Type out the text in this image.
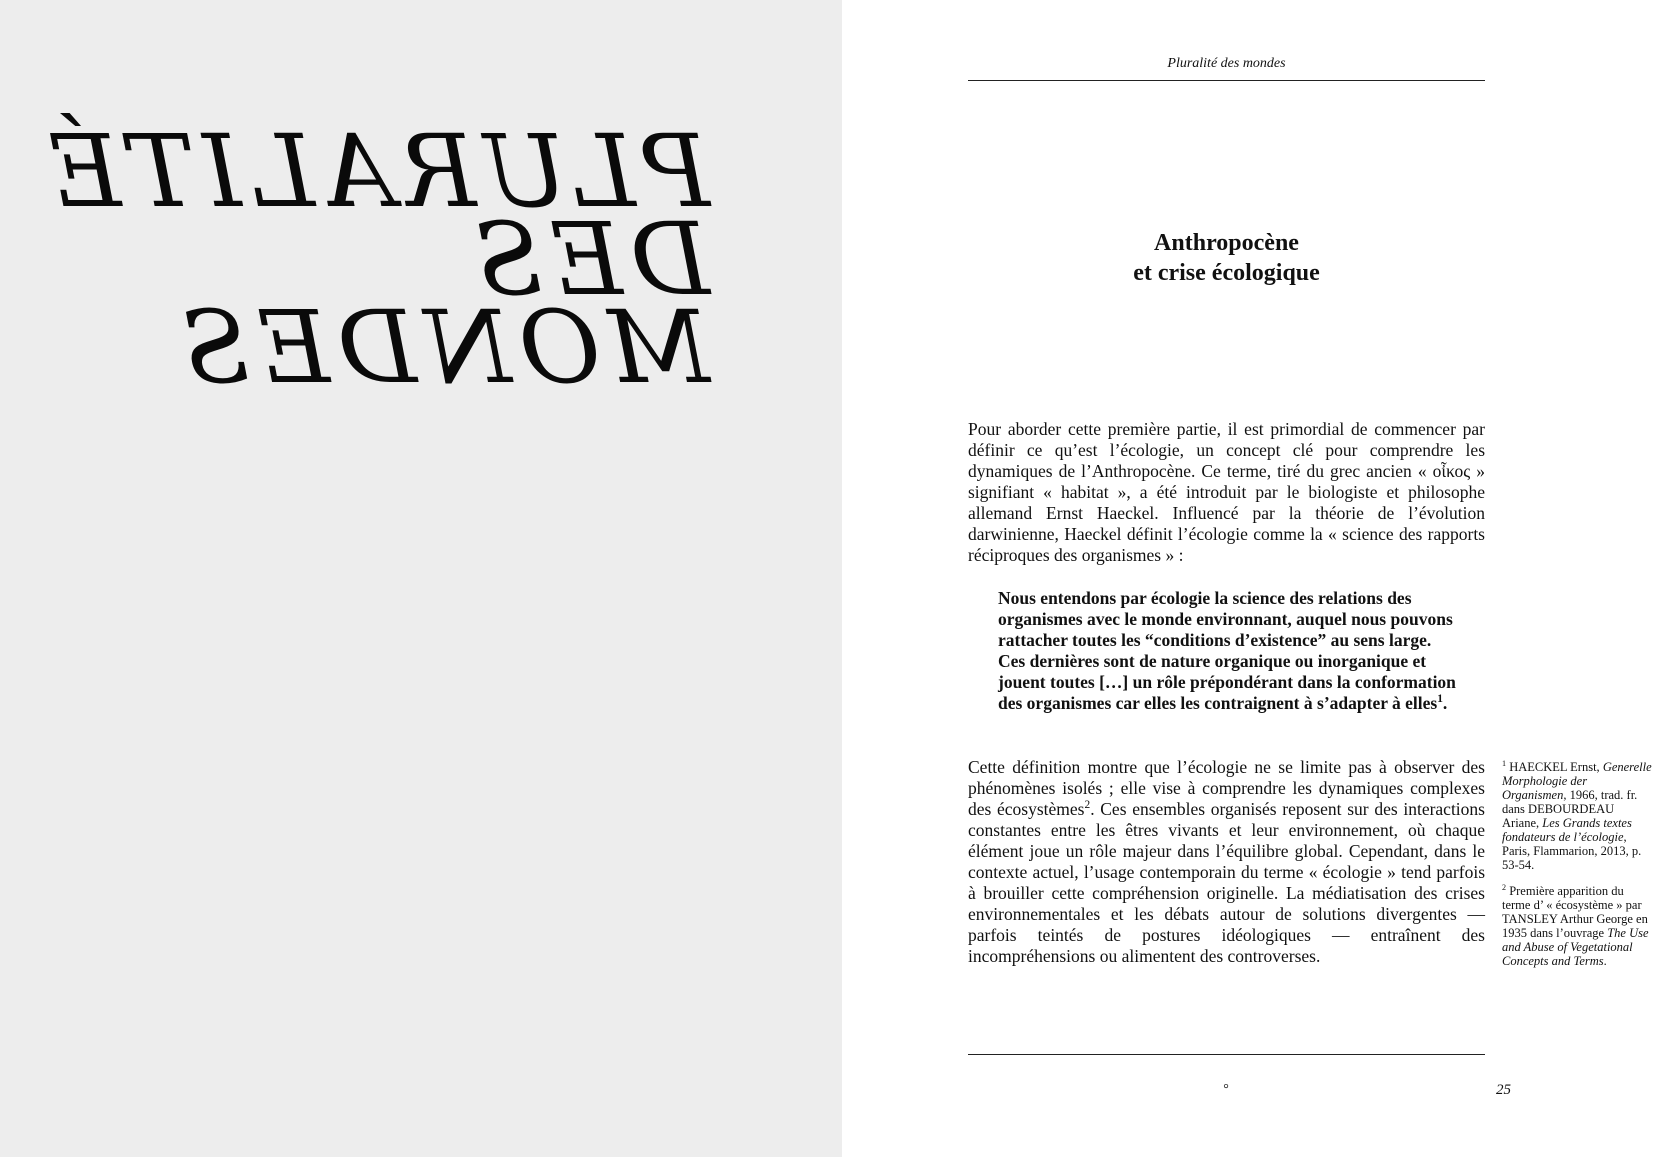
PLURALITÉ
DES
MONDES
Pluralité des mondes
Anthropocène
et crise écologique

Pour aborder cette première partie, il est primordial de commencer par définir ce qu’est l’écologie, un concept clé pour comprendre les dynamiques de l’Anthropocène. Ce terme, tiré du grec ancien « οἶκος » signifiant « habitat », a été introduit par le biologiste et philosophe allemand Ernst Haeckel. Influencé par la théorie de l’évolution darwinienne, Haeckel définit l’écologie comme la « science des rapports réciproques des organismes » :

Nous entendons par écologie la science des relations des organismes avec le monde environnant, auquel nous pouvons rattacher toutes les “conditions d’existence” au sens large. Ces dernières sont de nature organique ou inorganique et jouent toutes […] un rôle prépondérant dans la conformation des organismes car elles les contraignent à s’adapter à elles$^1$.

Cette définition montre que l’écologie ne se limite pas à observer des phénomènes isolés ; elle vise à comprendre les dynamiques complexes des écosystèmes$^2$. Ces ensembles organisés reposent sur des interactions constantes entre les êtres vivants et leur environnement, où chaque élément joue un rôle majeur dans l’équilibre global. Cependant, dans le contexte actuel, l’usage contemporain du terme « écologie » tend parfois à brouiller cette compréhension originelle. La médiatisation des crises environnementales et les débats autour de solutions divergentes — parfois teintés de postures idéologiques — entraînent des incompréhensions ou alimentent des controverses.

$^1$ HAECKEL Ernst, Generelle Morphologie der Organismen, 1966, trad. fr. dans DEBOURDEAU Ariane, Les Grands textes fondateurs de l’écologie, Paris, Flammarion, 2013, p. 53-54.

$^2$ Première apparition du terme d’ « écosystème » par TANSLEY Arthur George en 1935 dans l’ouvrage The Use and Abuse of Vegetational Concepts and Terms.

°	25
